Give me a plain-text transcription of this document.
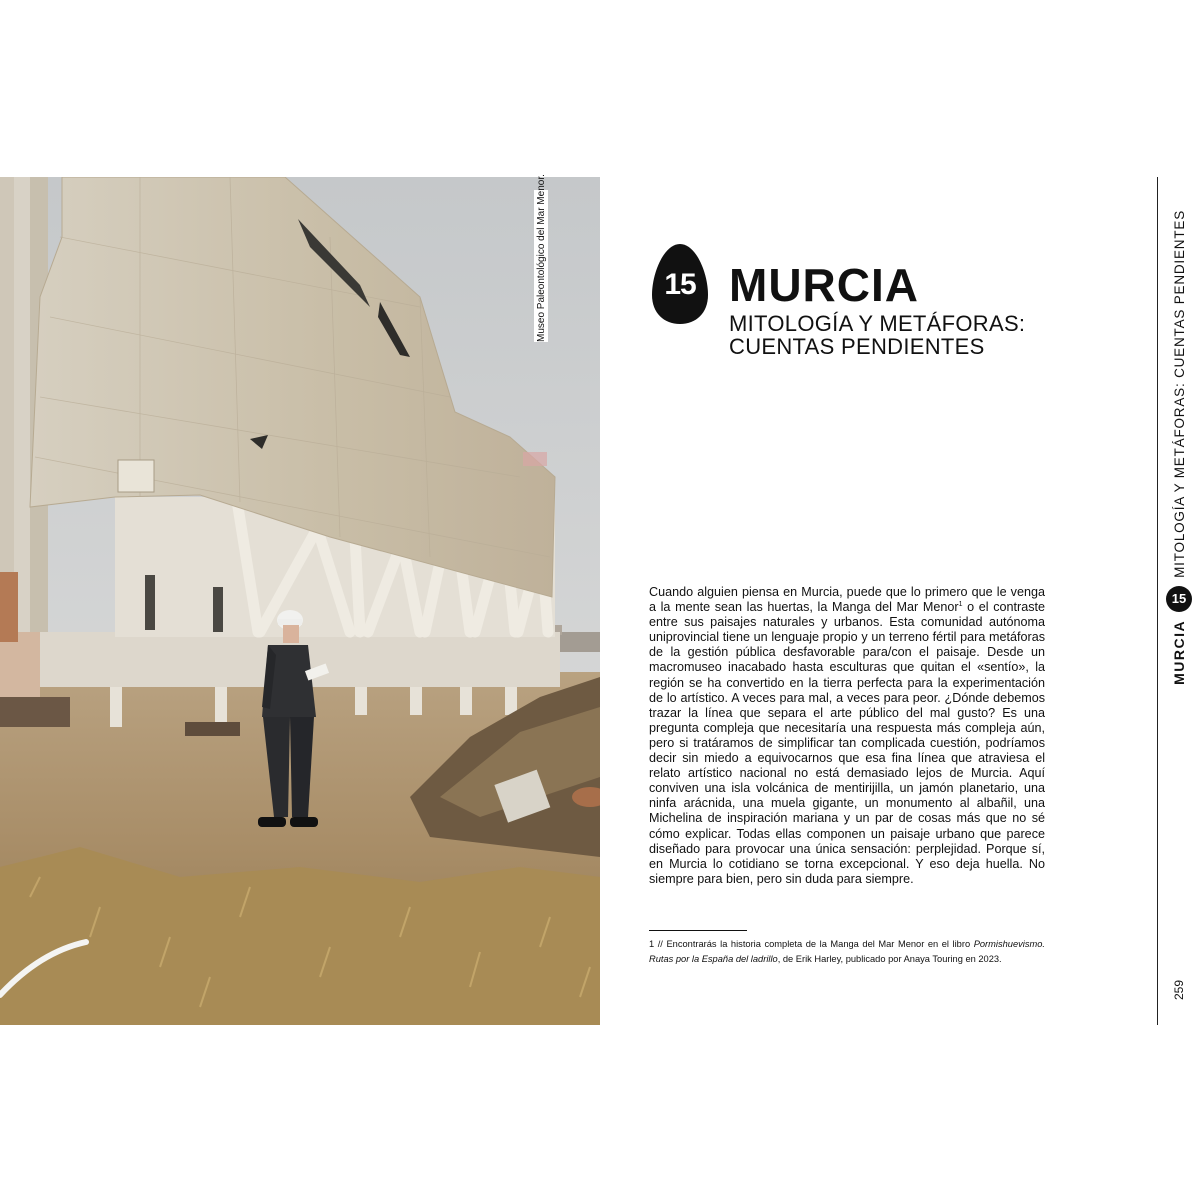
Museo Paleontológico del Mar Menor.	15 MURCIA
MITOLOGÍA Y METÁFORAS:
CUENTAS PENDIENTES
Cuando alguien piensa en Murcia, puede que lo primero que le venga a la mente sean las huertas, la Manga del Mar Menor$^1$ o el contraste entre sus paisajes naturales y urbanos. Esta comunidad autónoma uniprovincial tiene un lenguaje propio y un terreno fértil para metáforas de la gestión pública desfavorable para/con el paisaje. Desde un macromuseo inacabado hasta esculturas que quitan el «sentío», la región se ha convertido en la tierra perfecta para la experimentación de lo artístico. A veces para mal, a veces para peor. ¿Dónde debemos trazar la línea que separa el arte público del mal gusto? Es una pregunta compleja que necesitaría una respuesta más compleja aún, pero si tratáramos de simplificar tan complicada cuestión, podríamos decir sin miedo a equivocarnos que esa fina línea que atraviesa el relato artístico nacional no está demasiado lejos de Murcia. Aquí conviven una isla volcánica de mentirijilla, un jamón planetario, una ninfa arácnida, una muela gigante, un monumento al albañil, una Michelina de inspiración mariana y un par de cosas más que no sé cómo explicar. Todas ellas componen un paisaje urbano que parece diseñado para provocar una única sensación: perplejidad. Porque sí, en Murcia lo cotidiano se torna excepcional. Y eso deja huella. No siempre para bien, pero sin duda para siempre.
1 // Encontrarás la historia completa de la Manga del Mar Menor en el libro Pormishuevismo. Rutas por la España del ladrillo, de Erik Harley, publicado por Anaya Touring en 2023.
MURCIA
15
MITOLOGÍA Y METÁFORAS: CUENTAS PENDIENTES
259
